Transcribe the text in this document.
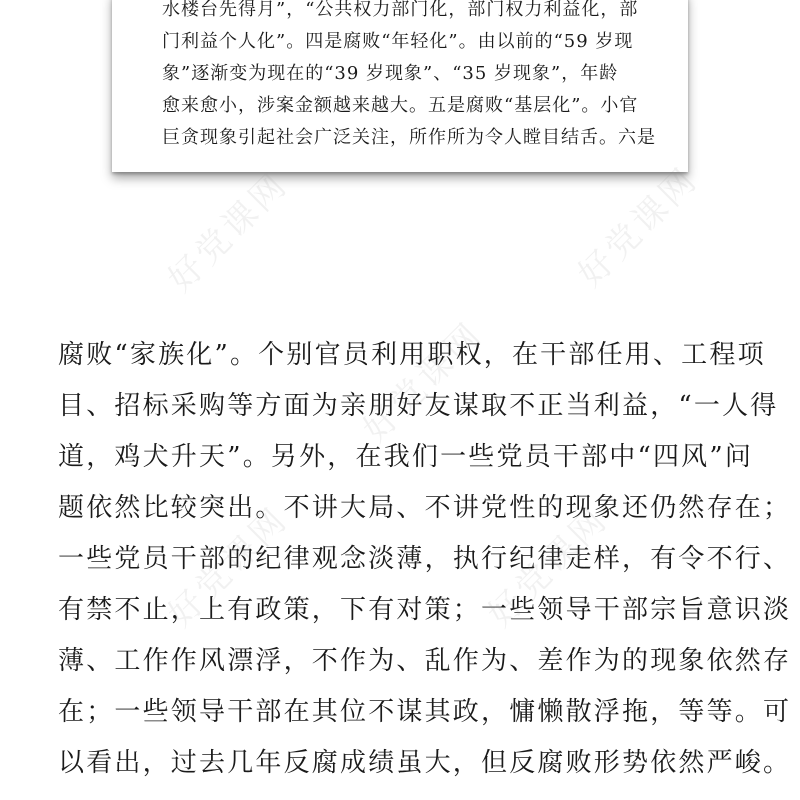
水楼台先得月”，“公共权力部门化，部门权力利益化，部
门利益个人化”。四是腐败“年轻化”。由以前的“59 岁现
象”逐渐变为现在的“39 岁现象”、“35 岁现象”，年龄
愈来愈小，涉案金额越来越大。五是腐败“基层化”。小官
巨贪现象引起社会广泛关注，所作所为令人瞠目结舌。六是

腐败“家族化”。个别官员利用职权，在干部任用、工程项
目、招标采购等方面为亲朋好友谋取不正当利益，“一人得
道，鸡犬升天”。另外，在我们一些党员干部中“四风”问
题依然比较突出。不讲大局、不讲党性的现象还仍然存在；
一些党员干部的纪律观念淡薄，执行纪律走样，有令不行、
有禁不止，上有政策，下有对策；一些领导干部宗旨意识淡
薄、工作作风漂浮，不作为、乱作为、差作为的现象依然存
在；一些领导干部在其位不谋其政，慵懒散浮拖，等等。可
以看出，过去几年反腐成绩虽大，但反腐败形势依然严峻。

好党课网	好党课网
好党课网
好党课网	好党课网
